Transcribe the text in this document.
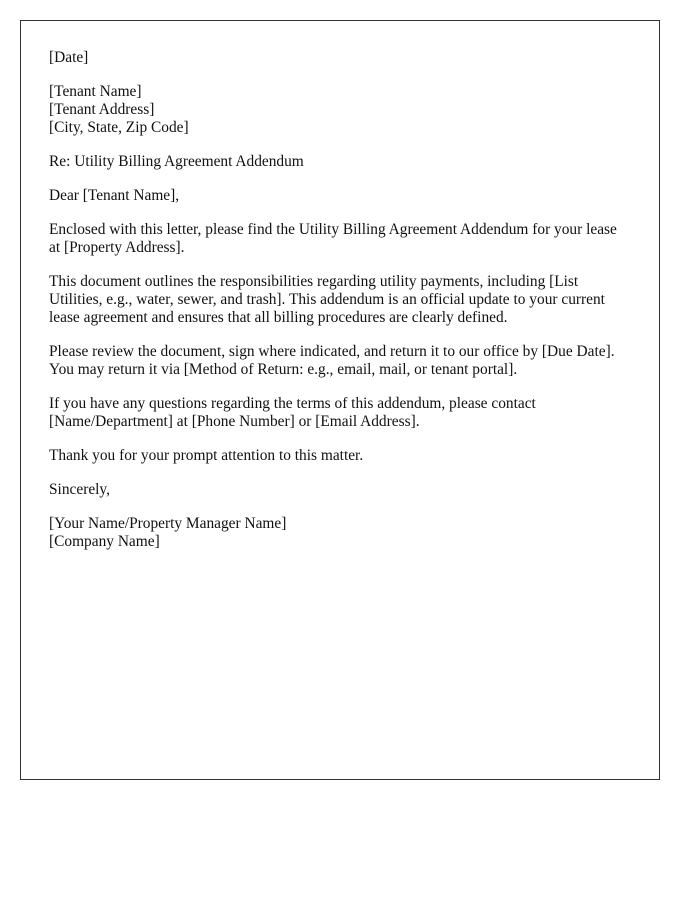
[Date]

[Tenant Name]
[Tenant Address]
[City, State, Zip Code]

Re: Utility Billing Agreement Addendum

Dear [Tenant Name],

Enclosed with this letter, please find the Utility Billing Agreement Addendum for your lease at [Property Address].

This document outlines the responsibilities regarding utility payments, including [List Utilities, e.g., water, sewer, and trash]. This addendum is an official update to your current lease agreement and ensures that all billing procedures are clearly defined.

Please review the document, sign where indicated, and return it to our office by [Due Date]. You may return it via [Method of Return: e.g., email, mail, or tenant portal].

If you have any questions regarding the terms of this addendum, please contact [Name/Department] at [Phone Number] or [Email Address].

Thank you for your prompt attention to this matter.

Sincerely,

[Your Name/Property Manager Name]
[Company Name]
